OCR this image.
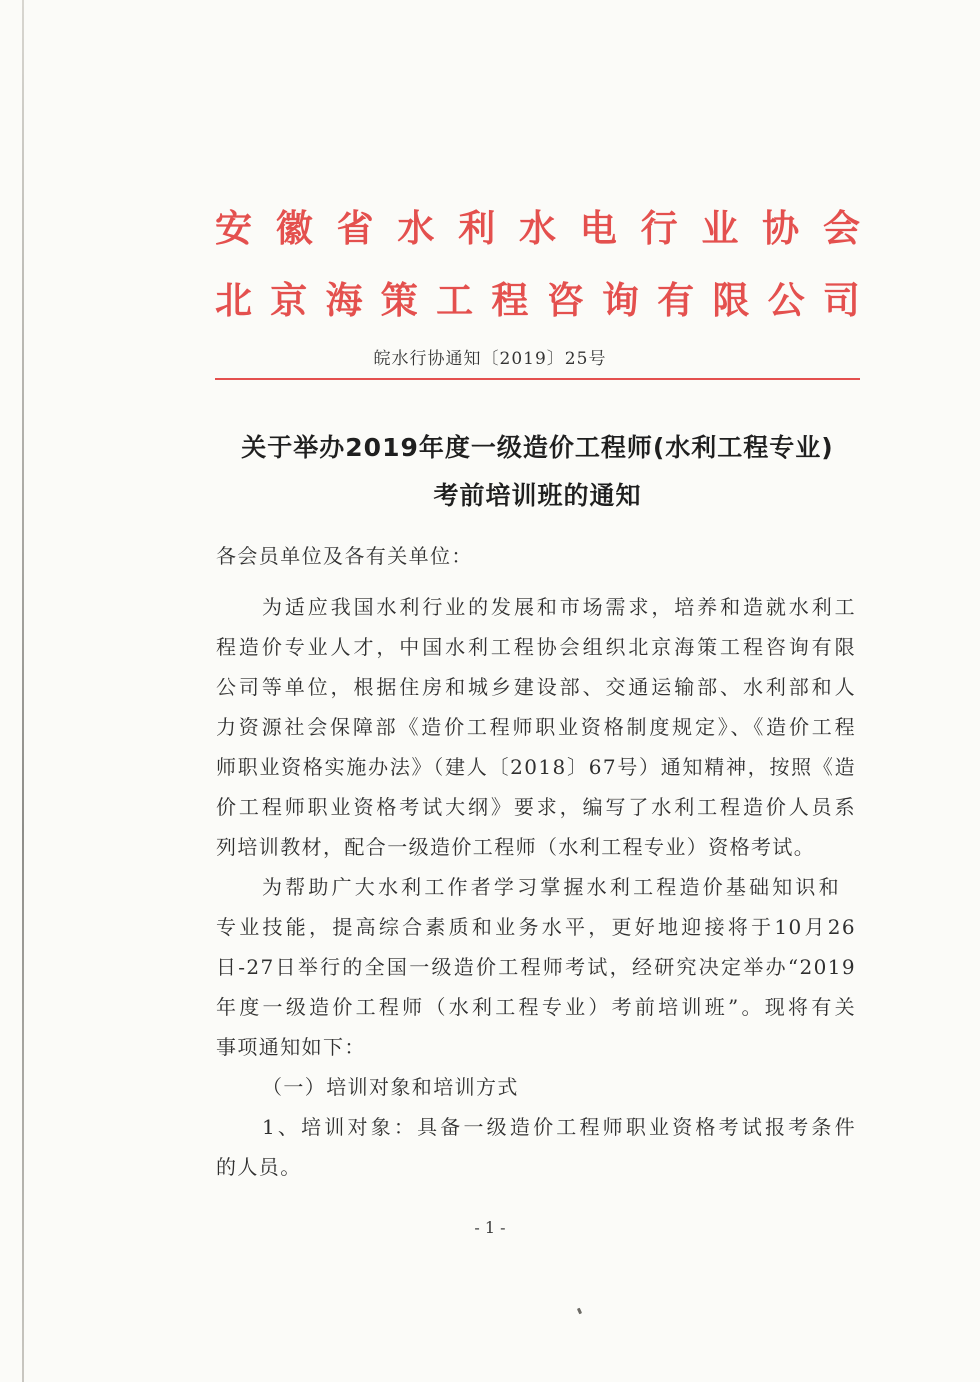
安 徽 省 水 利 水 电 行 业 协 会
北 京 海 策 工 程 咨 询 有 限 公 司
皖水行协通知〔2019〕25号
关于举办2019年度一级造价工程师(水利工程专业)
考前培训班的通知
各会员单位及各有关单位：
为适应我国水利行业的发展和市场需求，培养和造就水利工
程造价专业人才，中国水利工程协会组织北京海策工程咨询有限
公司等单位，根据住房和城乡建设部、交通运输部、水利部和人
力资源社会保障部《造价工程师职业资格制度规定》、《造价工程
师职业资格实施办法》（建人〔2018〕67号）通知精神，按照《造
价工程师职业资格考试大纲》要求，编写了水利工程造价人员系
列培训教材，配合一级造价工程师（水利工程专业）资格考试。
为帮助广大水利工作者学习掌握水利工程造价基础知识和
专业技能，提高综合素质和业务水平，更好地迎接将于10月26
日-27日举行的全国一级造价工程师考试，经研究决定举办“2019
年度一级造价工程师（水利工程专业）考前培训班”。现将有关
事项通知如下：
（一）培训对象和培训方式
1、培训对象：具备一级造价工程师职业资格考试报考条件
的人员。
- 1 -
